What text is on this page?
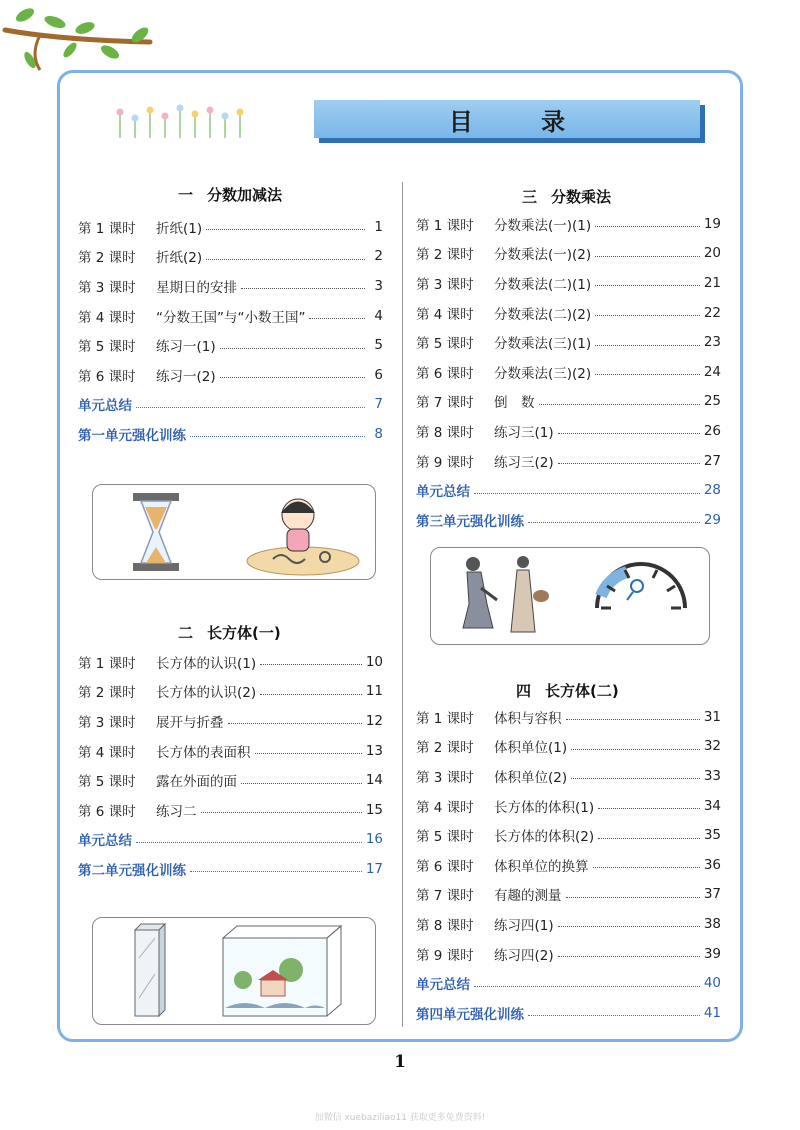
目 录
一 分数加减法
第 1 课时	折纸(1)	1
第 2 课时	折纸(2)	2
第 3 课时	星期日的安排	3
第 4 课时	“分数王国”与“小数王国”	4
第 5 课时	练习一(1)	5
第 6 课时	练习一(2)	6
单元总结	7
第一单元强化训练	8
二 长方体(一)
第 1 课时	长方体的认识(1)	10
第 2 课时	长方体的认识(2)	11
第 3 课时	展开与折叠	12
第 4 课时	长方体的表面积	13
第 5 课时	露在外面的面	14
第 6 课时	练习二	15
单元总结	16
第二单元强化训练	17
三 分数乘法
第 1 课时	分数乘法(一)(1)	19
第 2 课时	分数乘法(一)(2)	20
第 3 课时	分数乘法(二)(1)	21
第 4 课时	分数乘法(二)(2)	22
第 5 课时	分数乘法(三)(1)	23
第 6 课时	分数乘法(三)(2)	24
第 7 课时	倒　数	25
第 8 课时	练习三(1)	26
第 9 课时	练习三(2)	27
单元总结	28
第三单元强化训练	29
四 长方体(二)
第 1 课时	体积与容积	31
第 2 课时	体积单位(1)	32
第 3 课时	体积单位(2)	33
第 4 课时	长方体的体积(1)	34
第 5 课时	长方体的体积(2)	35
第 6 课时	体积单位的换算	36
第 7 课时	有趣的测量	37
第 8 课时	练习四(1)	38
第 9 课时	练习四(2)	39
单元总结	40
第四单元强化训练	41
1
加微信 xuebaziliao11 获取更多免费资料!
